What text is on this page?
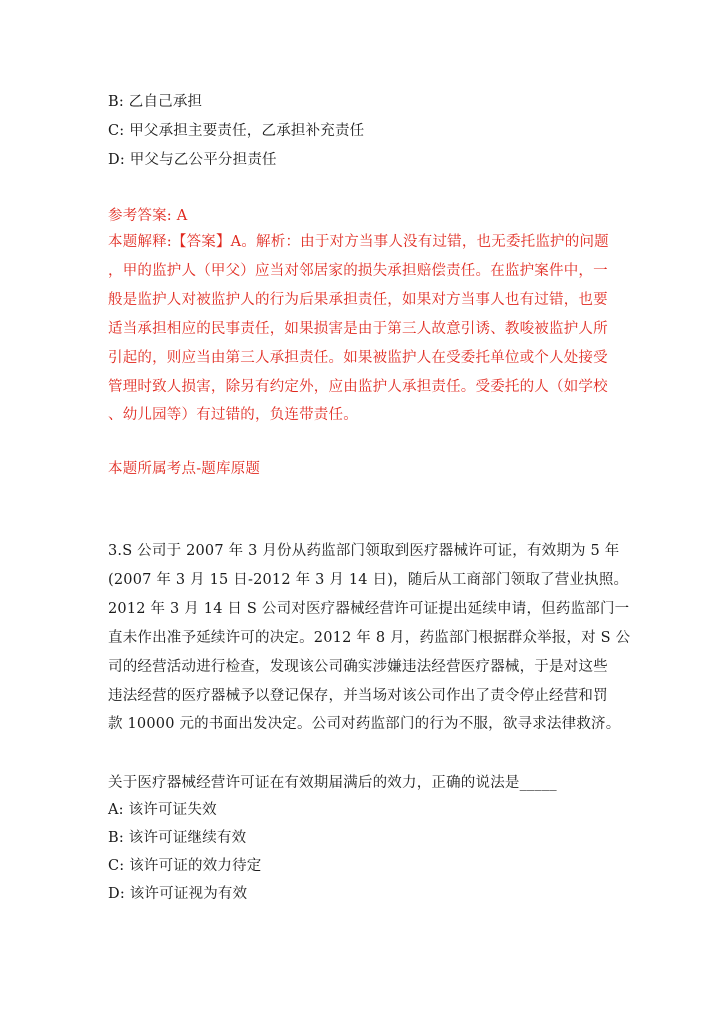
B: 乙自己承担
C: 甲父承担主要责任，乙承担补充责任
D: 甲父与乙公平分担责任
参考答案: A
本题解释:【答案】A。解析：由于对方当事人没有过错，也无委托监护的问题
，甲的监护人（甲父）应当对邻居家的损失承担赔偿责任。在监护案件中，一
般是监护人对被监护人的行为后果承担责任，如果对方当事人也有过错，也要
适当承担相应的民事责任，如果损害是由于第三人故意引诱、教唆被监护人所
引起的，则应当由第三人承担责任。如果被监护人在受委托单位或个人处接受
管理时致人损害，除另有约定外，应由监护人承担责任。受委托的人（如学校
、幼儿园等）有过错的，负连带责任。
本题所属考点-题库原题
3.S 公司于 2007 年 3 月份从药监部门领取到医疗器械许可证，有效期为 5 年
(2007 年 3 月 15 日-2012 年 3 月 14 日)，随后从工商部门领取了营业执照。
2012 年 3 月 14 日 S 公司对医疗器械经营许可证提出延续申请，但药监部门一
直未作出准予延续许可的决定。2012 年 8 月，药监部门根据群众举报，对 S 公
司的经营活动进行检查，发现该公司确实涉嫌违法经营医疗器械，于是对这些
违法经营的医疗器械予以登记保存，并当场对该公司作出了责令停止经营和罚
款 10000 元的书面出发决定。公司对药监部门的行为不服，欲寻求法律救济。
关于医疗器械经营许可证在有效期届满后的效力，正确的说法是_____
A: 该许可证失效
B: 该许可证继续有效
C: 该许可证的效力待定
D: 该许可证视为有效
